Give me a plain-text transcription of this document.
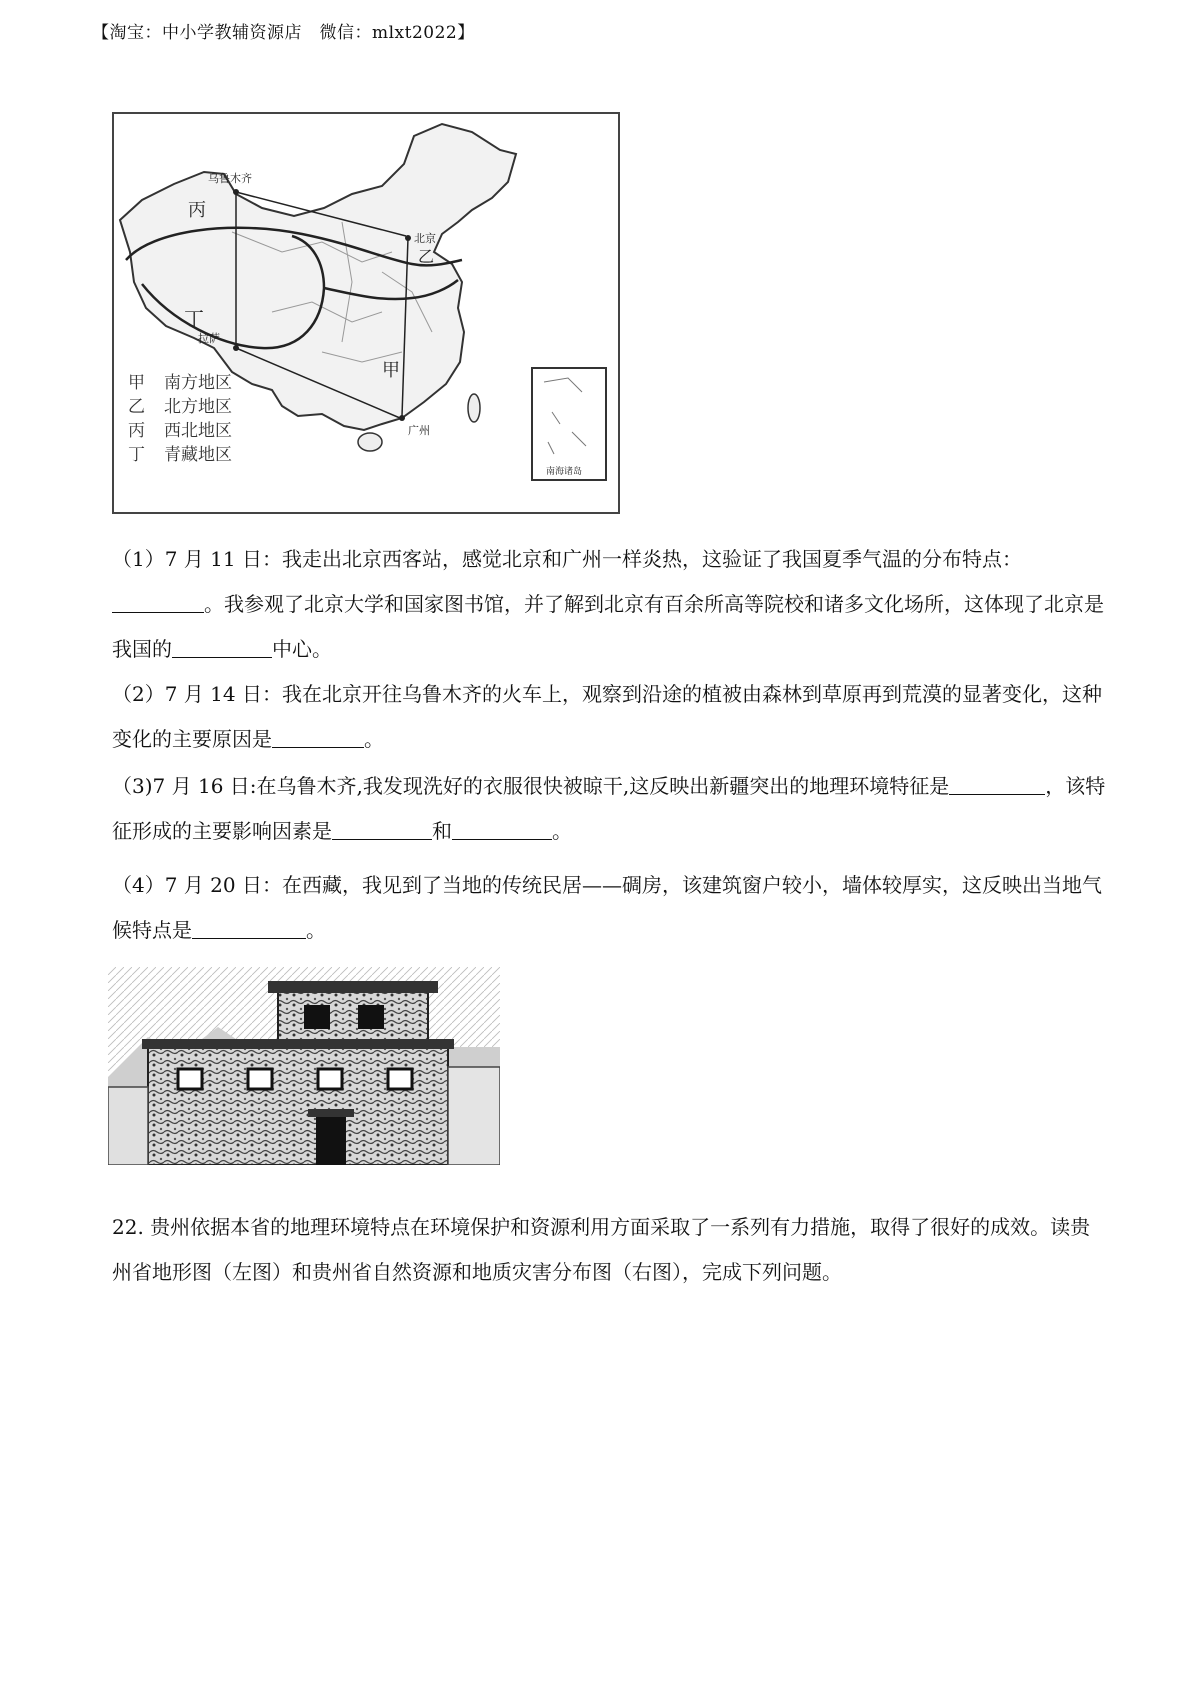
【淘宝：中小学教辅资源店　微信：mlxt2022】
乌鲁木齐
北京
拉萨
广州
丙
丁
乙
甲
南海诸岛
甲 南方地区
乙 北方地区
丙 西北地区
丁 青藏地区

（1）7 月 11 日：我走出北京西客站，感觉北京和广州一样炎热，这验证了我国夏季气温的分布特点：。我参观了北京大学和国家图书馆，并了解到北京有百余所高等院校和诸多文化场所，这体现了北京是我国的	中心。

（2）7 月 14 日：我在北京开往乌鲁木齐的火车上，观察到沿途的植被由森林到草原再到荒漠的显著变化，这种变化的主要原因是	。

（3)7 月 16 日:在乌鲁木齐,我发现洗好的衣服很快被晾干,这反映出新疆突出的地理环境特征是	，该特征形成的主要影响因素是	和	。

（4）7 月 20 日：在西藏，我见到了当地的传统民居——碉房，该建筑窗户较小，墙体较厚实，这反映出当地气候特点是	。

22. 贵州依据本省的地理环境特点在环境保护和资源利用方面采取了一系列有力措施，取得了很好的成效。读贵州省地形图（左图）和贵州省自然资源和地质灾害分布图（右图），完成下列问题。
